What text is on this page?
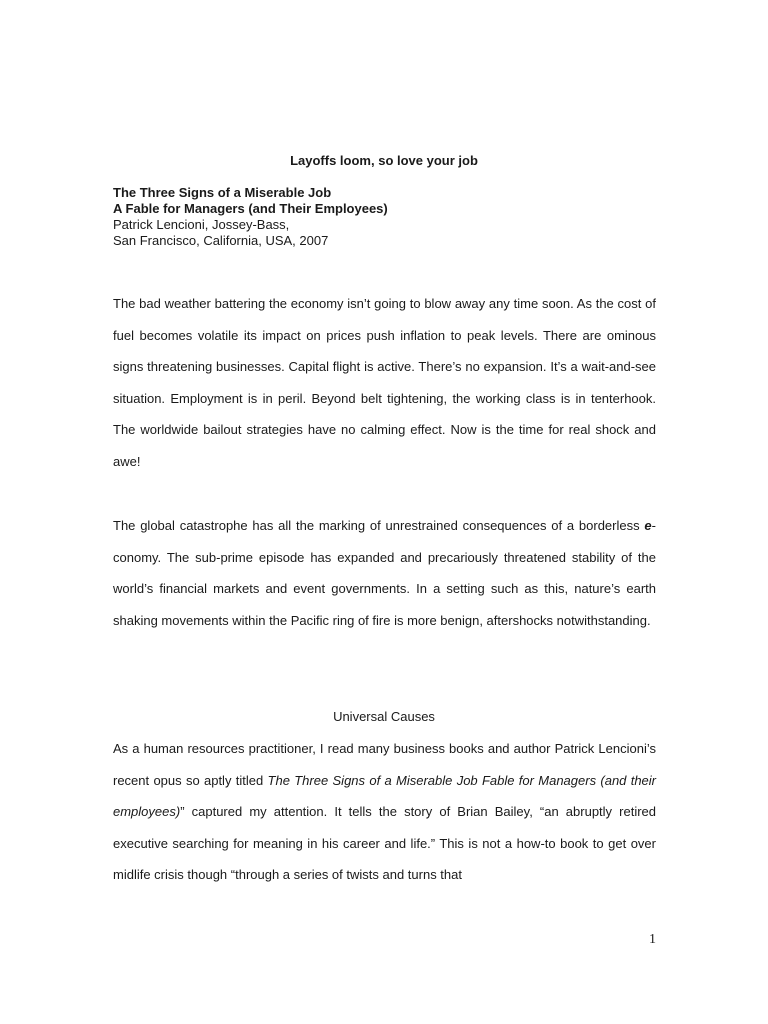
Layoffs loom, so love your job

The Three Signs of a Miserable Job
A Fable for Managers (and Their Employees)
Patrick Lencioni, Jossey-Bass,
San Francisco, California, USA, 2007

The bad weather battering the economy isn’t going to blow away any time soon. As the cost of fuel becomes volatile its impact on prices push inflation to peak levels. There are ominous signs threatening businesses. Capital flight is active. There’s no expansion. It’s a wait-and-see situation. Employment is in peril. Beyond belt tightening, the working class is in tenterhook. The worldwide bailout strategies have no calming effect. Now is the time for real shock and awe!

The global catastrophe has all the marking of unrestrained consequences of a borderless e-conomy. The sub-prime episode has expanded and precariously threatened stability of the world’s financial markets and event governments. In a setting such as this, nature’s earth shaking movements within the Pacific ring of fire is more benign, aftershocks notwithstanding.

Universal Causes

As a human resources practitioner, I read many business books and author Patrick Lencioni’s recent opus so aptly titled The Three Signs of a Miserable Job Fable for Managers (and their employees)” captured my attention. It tells the story of Brian Bailey, “an abruptly retired executive searching for meaning in his career and life.” This is not a how-to book to get over midlife crisis though “through a series of twists and turns that

1
